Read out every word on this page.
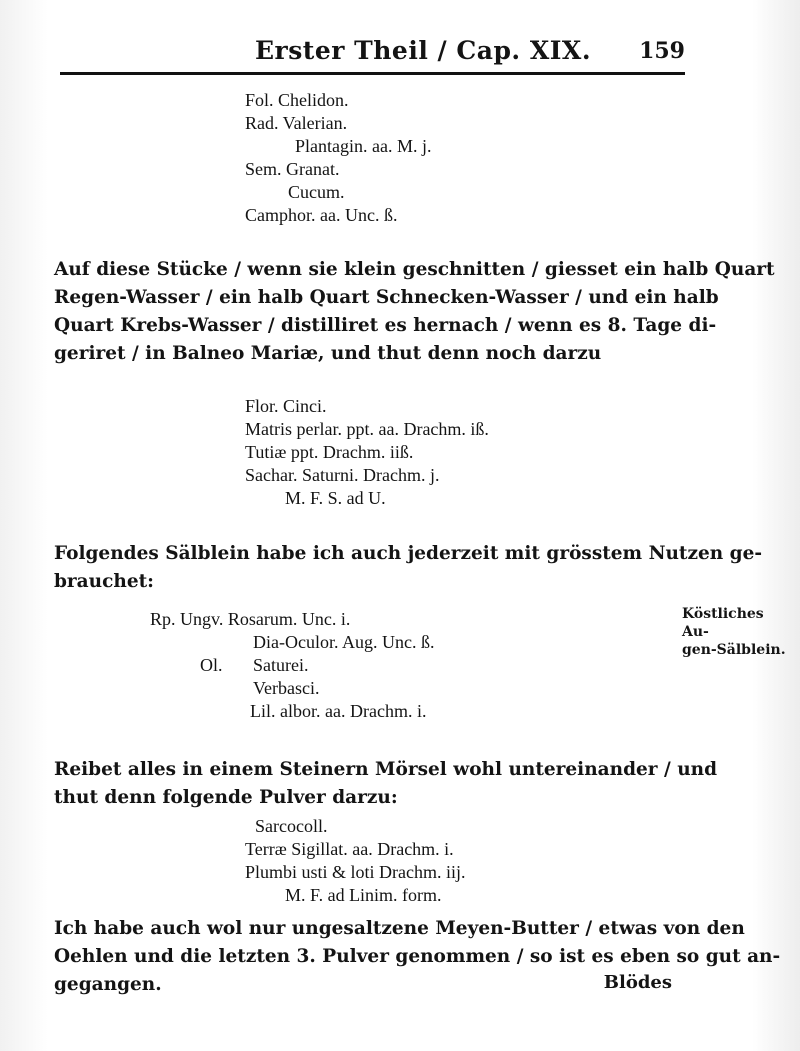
Erster Theil / Cap. XIX. 159
Fol. Chelidon.
Rad. Valerian.
Plantagin. aa. M. j.
Sem. Granat.
Cucum.
Camphor. aa. Unc. ß.
Auf diese Stücke / wenn sie klein geschnitten / giesset ein halb Quart
Regen-Wasser / ein halb Quart Schnecken-Wasser / und ein halb
Quart Krebs-Wasser / distilliret es hernach / wenn es 8. Tage di-
geriret / in Balneo Mariæ, und thut denn noch darzu
Flor. Cinci.
Matris perlar. ppt. aa. Drachm. iß.
Tutiæ ppt. Drachm. iiß.
Sachar. Saturni. Drachm. j.
M. F. S. ad U.
Folgendes Sälblein habe ich auch jederzeit mit grösstem Nutzen ge-
brauchet:
Rp. Ungv. Rosarum. Unc. i.
Dia-Oculor. Aug. Unc. ß.
Ol. Saturei.
Verbasci.
Lil. albor. aa. Drachm. i.
Köstliches Au-
gen-Sälblein.
Reibet alles in einem Steinern Mörsel wohl untereinander / und
thut denn folgende Pulver darzu:
Sarcocoll.
Terræ Sigillat. aa. Drachm. i.
Plumbi usti & loti Drachm. iij.
M. F. ad Linim. form.
Ich habe auch wol nur ungesaltzene Meyen-Butter / etwas von den
Oehlen und die letzten 3. Pulver genommen / so ist es eben so gut an-
gegangen.	Blödes
